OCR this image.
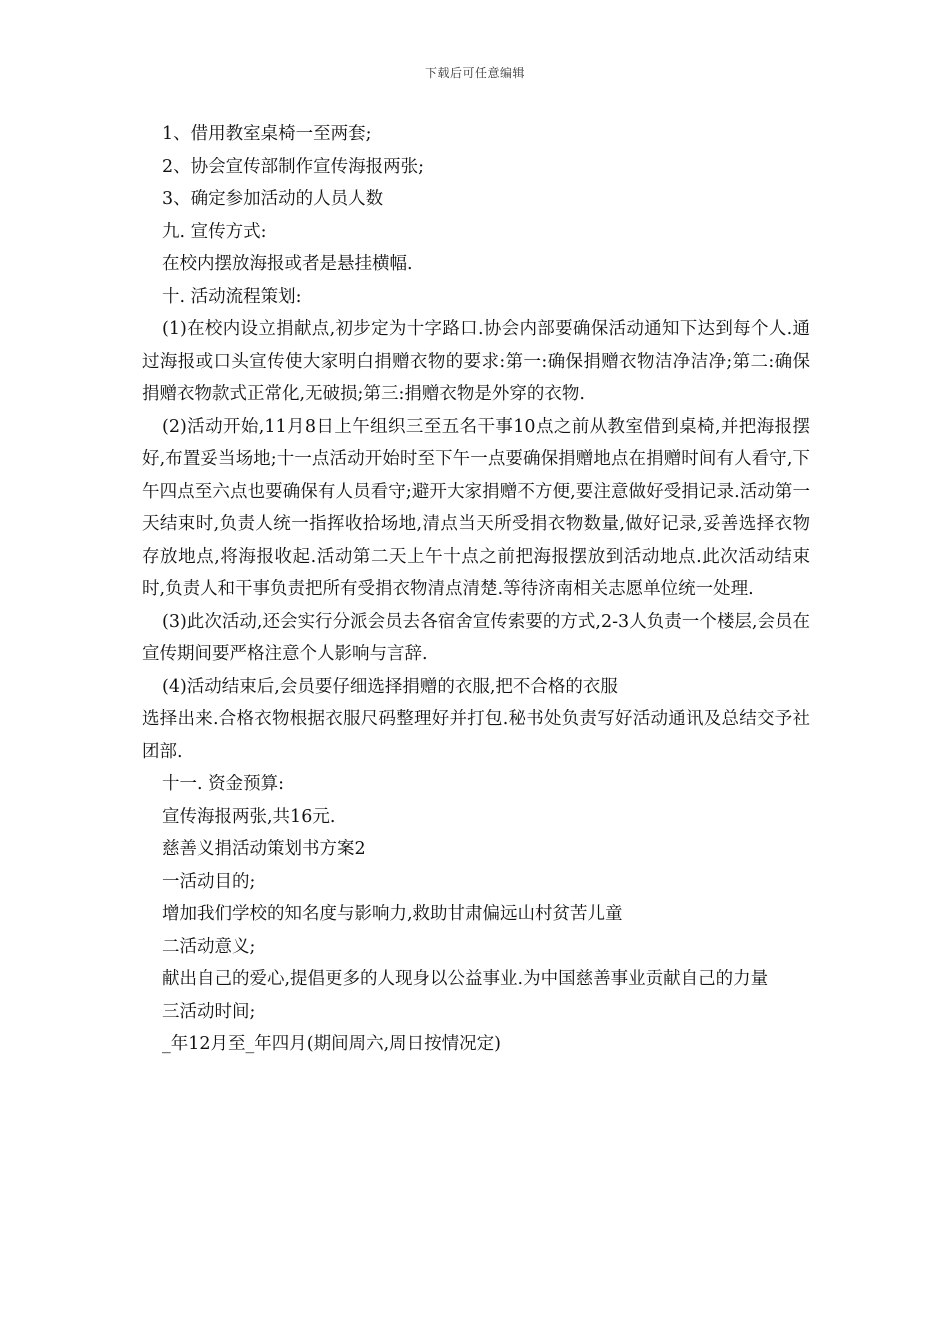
下载后可任意编辑

1、借用教室桌椅一至两套;

2、协会宣传部制作宣传海报两张;

3、确定参加活动的人员人数

九. 宣传方式:

在校内摆放海报或者是悬挂横幅.

十. 活动流程策划:

(1)在校内设立捐献点,初步定为十字路口.协会内部要确保活动通知下达到每个人.通过海报或口头宣传使大家明白捐赠衣物的要求:第一:确保捐赠衣物洁净洁净;第二:确保捐赠衣物款式正常化,无破损;第三:捐赠衣物是外穿的衣物.

(2)活动开始,11月8日上午组织三至五名干事10点之前从教室借到桌椅,并把海报摆好,布置妥当场地;十一点活动开始时至下午一点要确保捐赠地点在捐赠时间有人看守,下午四点至六点也要确保有人员看守;避开大家捐赠不方便,要注意做好受捐记录.活动第一天结束时,负责人统一指挥收拾场地,清点当天所受捐衣物数量,做好记录,妥善选择衣物存放地点,将海报收起.活动第二天上午十点之前把海报摆放到活动地点.此次活动结束时,负责人和干事负责把所有受捐衣物清点清楚.等待济南相关志愿单位统一处理.

(3)此次活动,还会实行分派会员去各宿舍宣传索要的方式,2-3人负责一个楼层,会员在宣传期间要严格注意个人影响与言辞.

(4)活动结束后,会员要仔细选择捐赠的衣服,把不合格的衣服

选择出来.合格衣物根据衣服尺码整理好并打包.秘书处负责写好活动通讯及总结交予社团部.

十一. 资金预算:

宣传海报两张,共16元.

慈善义捐活动策划书方案2

一活动目的;

增加我们学校的知名度与影响力,救助甘肃偏远山村贫苦儿童

二活动意义;

献出自己的爱心,提倡更多的人现身以公益事业.为中国慈善事业贡献自己的力量

三活动时间;

_年12月至_年四月(期间周六,周日按情况定)
